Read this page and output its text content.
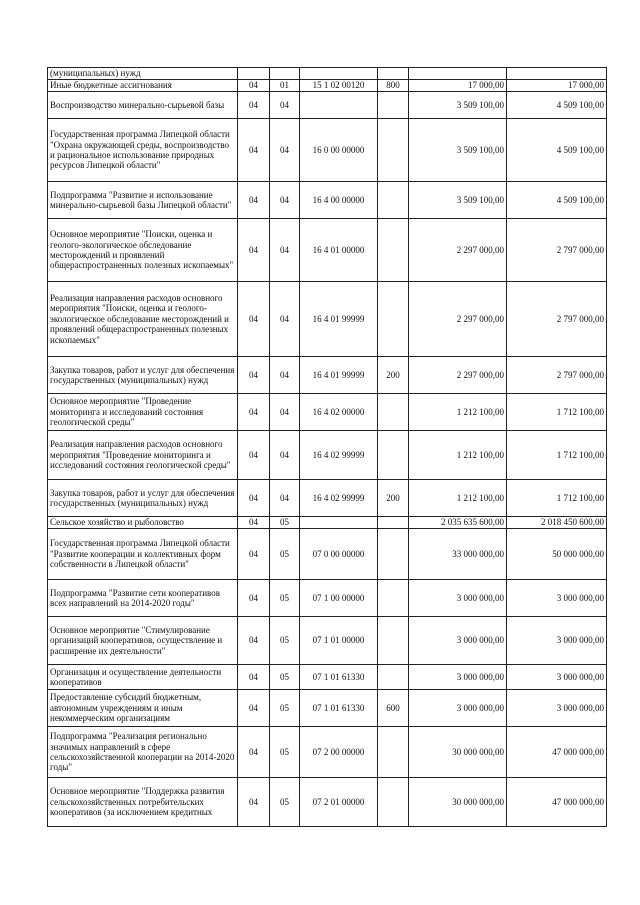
(муниципальных) нужд						
Иные бюджетные ассигнования	04	01	15 1 02 00120	800	17 000,00	17 000,00
Воспроизводство минерально-сырьевой базы	04	04			3 509 100,00	4 509 100,00
Государственная программа Липецкой области "Охрана окружающей среды, воспроизводство и рациональное использование природных ресурсов Липецкой области"	04	04	16 0 00 00000		3 509 100,00	4 509 100,00
Подпрограмма "Развитие и использование минерально-сырьевой базы Липецкой области"	04	04	16 4 00 00000		3 509 100,00	4 509 100,00
Основное мероприятие "Поиски, оценка и геолого-экологическое обследование месторождений и проявлений общераспространенных полезных ископаемых"	04	04	16 4 01 00000		2 297 000,00	2 797 000,00
Реализация направления расходов основного мероприятия "Поиски, оценка и геолого-экологическое обследование месторождений и проявлений общераспространенных полезных ископаемых"	04	04	16 4 01 99999		2 297 000,00	2 797 000,00
Закупка товаров, работ и услуг для обеспечения государственных (муниципальных) нужд	04	04	16 4 01 99999	200	2 297 000,00	2 797 000,00
Основное мероприятие "Проведение мониторинга и исследований состояния геологической среды"	04	04	16 4 02 00000		1 212 100,00	1 712 100,00
Реализация направления расходов основного мероприятия "Проведение мониторинга и исследований состояния геологической среды"	04	04	16 4 02 99999		1 212 100,00	1 712 100,00
Закупка товаров, работ и услуг для обеспечения государственных (муниципальных) нужд	04	04	16 4 02 99999	200	1 212 100,00	1 712 100,00
Сельское хозяйство и рыболовство	04	05			2 035 635 600,00	2 018 450 600,00
Государственная программа Липецкой области "Развитие кооперации и коллективных форм собственности в Липецкой области"	04	05	07 0 00 00000		33 000 000,00	50 000 000,00
Подпрограмма "Развитие сети кооперативов всех направлений на 2014-2020 годы"	04	05	07 1 00 00000		3 000 000,00	3 000 000,00
Основное мероприятие "Стимулирование организаций кооперативов, осуществление и расширение их деятельности"	04	05	07 1 01 00000		3 000 000,00	3 000 000,00
Организация и осуществление деятельности кооперативов	04	05	07 1 01 61330		3 000 000,00	3 000 000,00
Предоставление субсидий бюджетным, автономным учреждениям и иным некоммерческим организациям	04	05	07 1 01 61330	600	3 000 000,00	3 000 000,00
Подпрограмма "Реализация регионально значимых направлений в сфере сельскохозяйственной кооперации на 2014-2020 годы"	04	05	07 2 00 00000		30 000 000,00	47 000 000,00
Основное мероприятие "Поддержка развития сельскохозяйственных потребительских кооперативов (за исключением кредитных	04	05	07 2 01 00000		30 000 000,00	47 000 000,00
